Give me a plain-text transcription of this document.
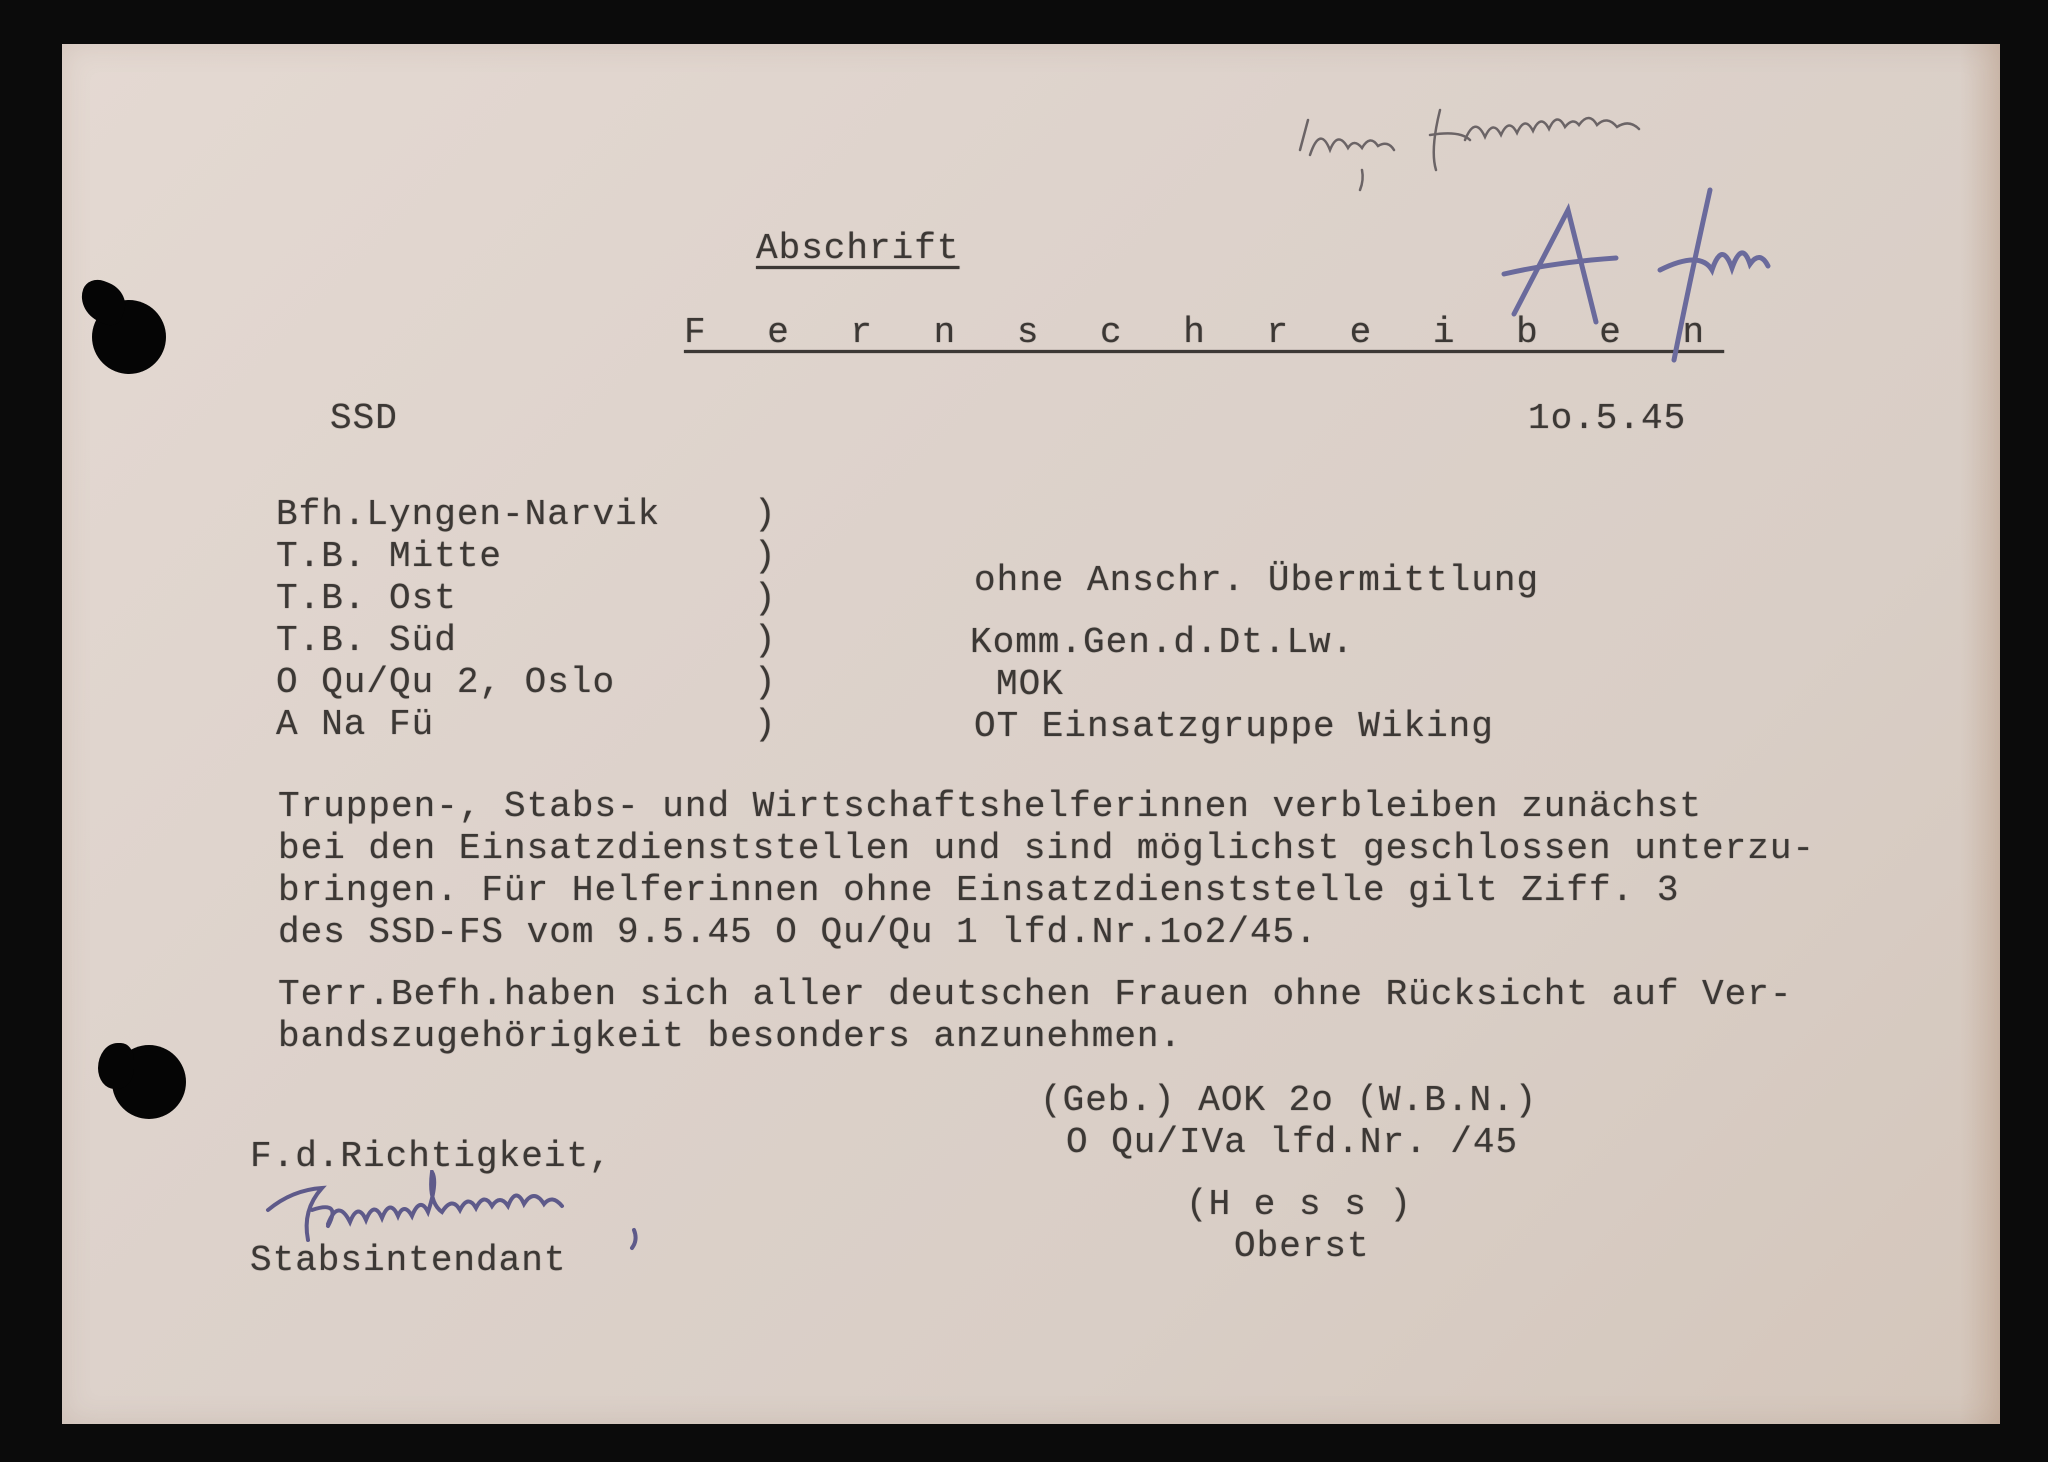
Abschrift
F e r n s c h r e i b e n
SSD	1o.5.45
Bfh.Lyngen-Narvik
T.B. Mitte
T.B. Ost
T.B. Süd
O Qu/Qu 2, Oslo
A Na Fü
)
)
)
)
)
)
ohne Anschr. Übermittlung
Komm.Gen.d.Dt.Lw.
MOK
OT Einsatzgruppe Wiking
Truppen-, Stabs- und Wirtschaftshelferinnen verbleiben zunächst
bei den Einsatzdienststellen und sind möglichst geschlossen unterzu-
bringen. Für Helferinnen ohne Einsatzdienststelle gilt Ziff. 3
des SSD-FS vom 9.5.45 O Qu/Qu 1 lfd.Nr.1o2/45.
Terr.Befh.haben sich aller deutschen Frauen ohne Rücksicht auf Ver-
bandszugehörigkeit besonders anzunehmen.
(Geb.) AOK 2o (W.B.N.)
O Qu/IVa lfd.Nr. /45
(H e s s )
Oberst
F.d.Richtigkeit,
Stabsintendant
